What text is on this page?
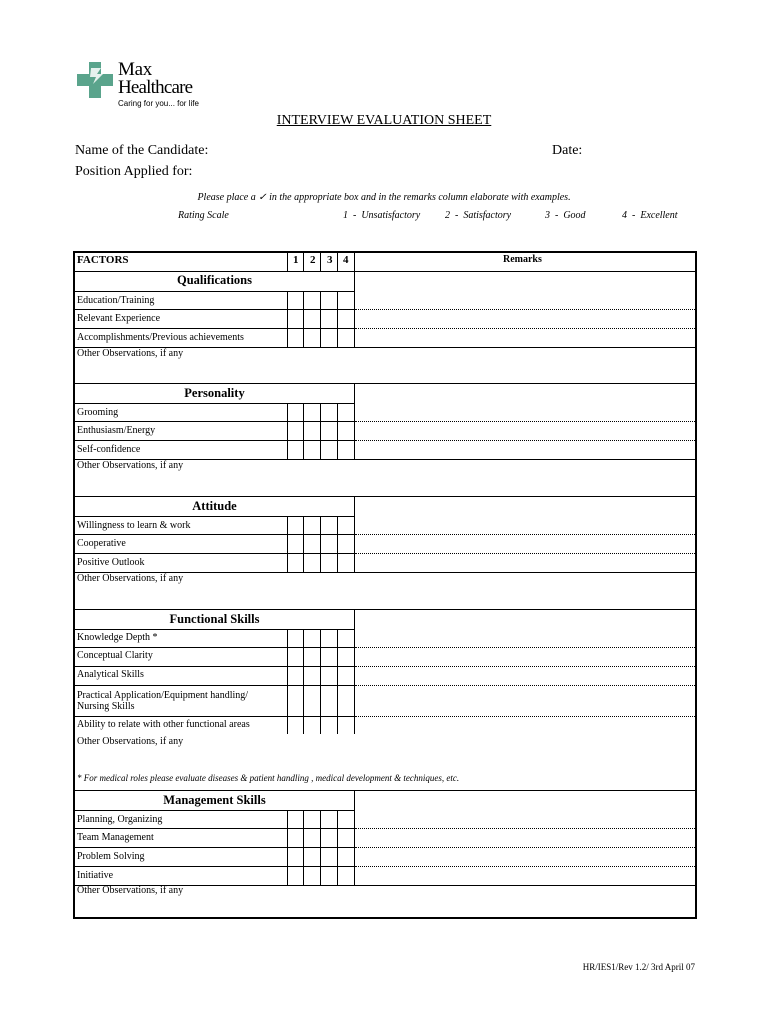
Max
Healthcare
Caring for you... for life
INTERVIEW EVALUATION SHEET
Name of the Candidate:	Date:
Position Applied for:
Please place a ✓ in the appropriate box and in the remarks column elaborate with examples.
Rating Scale	1  -  Unsatisfactory 2  -  Satisfactory	3  -  Good	4  -  Excellent
FACTORS	1 2 3 4	Remarks
Qualifications
Education/Training
Relevant Experience
Accomplishments/Previous achievements
Other Observations, if any
Personality
Grooming
Enthusiasm/Energy
Self-confidence
Other Observations, if any
Attitude
Willingness to learn & work
Cooperative
Positive Outlook
Other Observations, if any
Functional Skills
Knowledge Depth *
Conceptual Clarity
Analytical Skills
Practical Application/Equipment handling/
Nursing Skills
Ability to relate with other functional areas
Other Observations, if any
* For medical roles please evaluate diseases & patient handling , medical development & techniques, etc.
Management Skills
Planning, Organizing
Team Management
Problem Solving
Initiative
Other Observations, if any
HR/IES1/Rev 1.2/ 3rd April 07
